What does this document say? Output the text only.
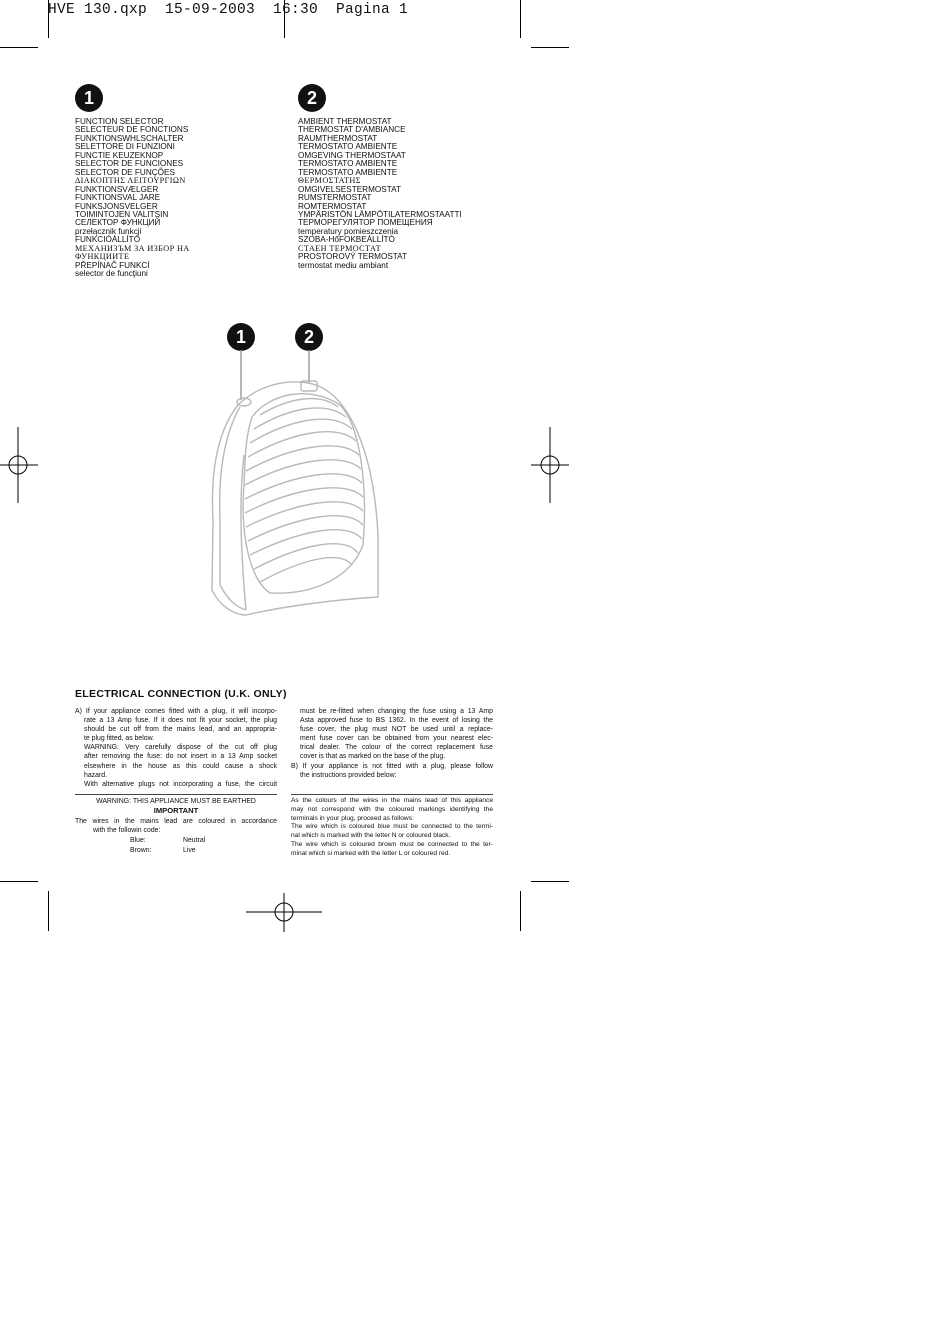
HVE 130.qxp  15-09-2003  16:30  Pagina 1
1	2
FUNCTION SELECTOR
SELECTEUR DE FONCTIONS
FUNKTIONSWHLSCHALTER
SELETTORE DI FUNZIONI
FUNCTIE KEUZEKNOP
SELECTOR DE FUNCIONES
SELECTOR DE FUNÇÕES
ΔΙΑΚΟΠΤΗΣ ΛΕΙΤΟΥΡΓΙΩΝ
FUNKTIONSVÆLGER
FUNKTIONSVAL JARE
FUNKSJONSVELGER
TOIMINTOJEN VALITSIN
СЕЛЕКТОР ФУНКЦИЙ
przełącznik funkcji
FUNKCIÓÁLLÍTÓ
МЕХАНИЗЪМ ЗА ИЗБОР НА
ФУНКЦИИТЕ
PŘEPÍNAČ FUNKCÍ
selector de funcţiuni
AMBIENT THERMOSTAT
THERMOSTAT D'AMBIANCE
RAUMTHERMOSTAT
TERMOSTATO AMBIENTE
OMGEVING THERMOSTAAT
TERMOSTATO AMBIENTE
TERMOSTATO AMBIENTE
ΘΕΡΜΟΣΤΑΤΗΣ
OMGIVELSESTERMOSTAT
RUMSTERMOSTAT
ROMTERMOSTAT
YMPÄRISTÖN LÄMPÖTILATERMOSTAATTI
ТЕРМОРЕГУЛЯТОР ПОМЕЩЕНИЯ
temperatury pomieszczenia
SZOBA-HőFOKBEÁLLÍTÓ
СТАЕН ТЕРМОСТАТ
PROSTOROVÝ TERMOSTAT
termostat mediu ambiant
1	2
ELECTRICAL CONNECTION (U.K. ONLY)

A) If your appliance comes fitted with a plug, it will incorpo-

rate a 13 Amp fuse. If it does not fit your socket, the plug

should be cut off from the mains lead, and an appropria-

te plug fitted, as below.

WARNING: Very carefully dispose of the cut off plug

after removing the fuse: do not insert in a 13 Amp socket

elsewhere in the house as this could cause a shock

hazard.

With alternative plugs not incorporating a fuse, the circuit

must be re-fitted when changing the fuse using a 13 Amp

Asta approved fuse to BS 1362. In the event of losing the

fuse cover, the plug must NOT be used until a replace-

ment fuse cover can be obtained from your nearest elec-

trical dealer. The colour of the correct replacement fuse

cover is that as marked on the base of the plug.

B) If your appliance is not fitted with a plug, please follow

the instructions provided below:

WARNING: THIS APPLIANCE MUST BE EARTHED
IMPORTANT
The wires in the mains lead are coloured in accordance
with the followin code:
Blue:	Neutral
Brown:	Live

As the colours of the wires in the mains lead of this appliance

may not correspond with the coloured markings identifying the

terminals in your plug, proceed as follows:

The wire which is coloured blue must be connected to the termi-

nal which is marked with the letter N or coloured black.

The wire which is coloured brown must be connected to the ter-

minal which si marked with the letter L or coloured red.
